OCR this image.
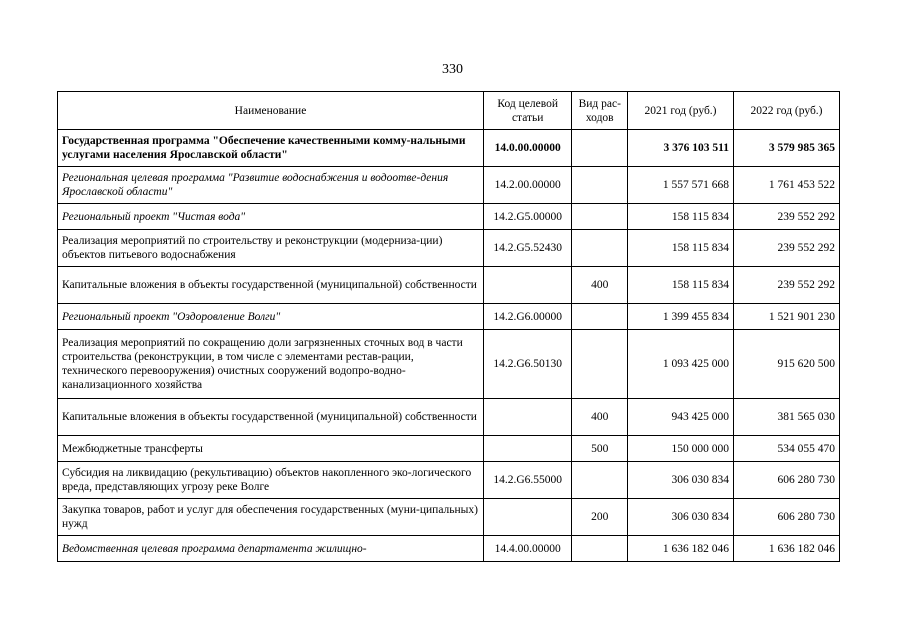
330
Наименование	Код целевой статьи	Вид рас-ходов	2021 год (руб.)	2022 год (руб.)
Государственная программа "Обеспечение качественными комму-нальными услугами населения Ярославской области"	14.0.00.00000		3 376 103 511	3 579 985 365
Региональная целевая программа "Развитие водоснабжения и водоотве-дения Ярославской области"	14.2.00.00000		1 557 571 668	1 761 453 522
Региональный проект "Чистая вода"	14.2.G5.00000		158 115 834	239 552 292
Реализация мероприятий по строительству и реконструкции (модерниза-ции) объектов питьевого водоснабжения	14.2.G5.52430		158 115 834	239 552 292
Капитальные вложения в объекты государственной (муниципальной) собственности		400	158 115 834	239 552 292
Региональный проект "Оздоровление Волги"	14.2.G6.00000		1 399 455 834	1 521 901 230
Реализация мероприятий по сокращению доли загрязненных сточных вод в части строительства (реконструкции, в том числе с элементами рестав-рации, технического перевооружения) очистных сооружений водопро-водно-канализационного хозяйства	14.2.G6.50130		1 093 425 000	915 620 500
Капитальные вложения в объекты государственной (муниципальной) собственности		400	943 425 000	381 565 030
Межбюджетные трансферты		500	150 000 000	534 055 470
Субсидия на ликвидацию (рекультивацию) объектов накопленного эко-логического вреда, представляющих угрозу реке Волге	14.2.G6.55000		306 030 834	606 280 730
Закупка товаров, работ и услуг для обеспечения государственных (муни-ципальных) нужд		200	306 030 834	606 280 730
Ведомственная целевая программа департамента жилищно-	14.4.00.00000		1 636 182 046	1 636 182 046
